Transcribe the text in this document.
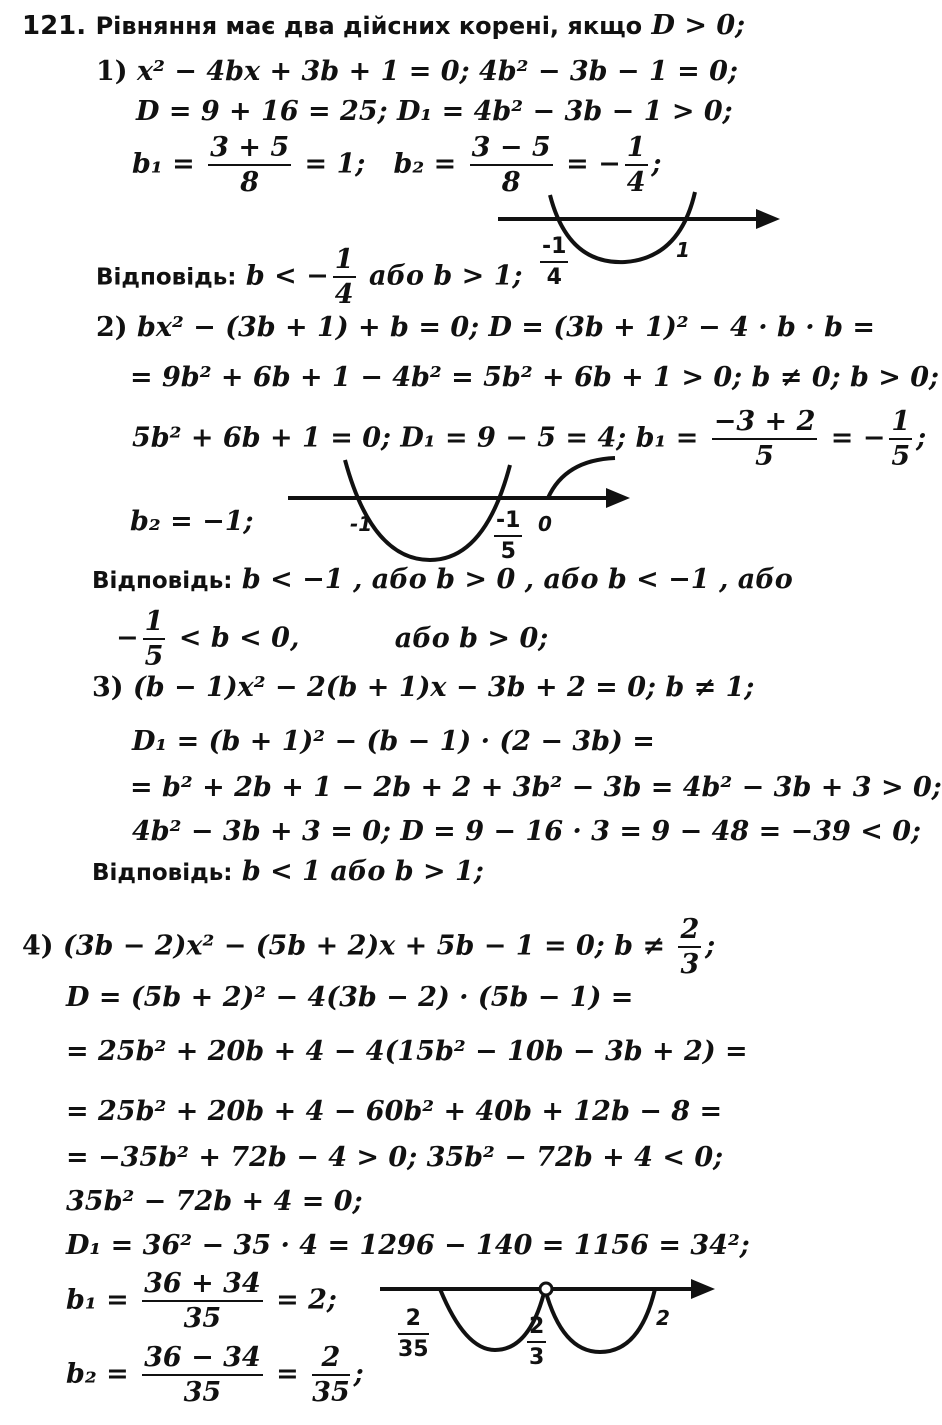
121. Рівняння має два дійсних корені, якщо D > 0;
1) x² − 4bx + 3b + 1 = 0; 4b² − 3b − 1 = 0;
D = 9 + 16 = 25; D₁ = 4b² − 3b − 1 > 0;
$b_1 = \frac{3 + 5}{8} = 1$; $b_2 = \frac{3 - 5}{8}$ = − $\frac{1}{4}$ ;
$\frac{-1}{4}$	1
Відповідь: b < − $\frac{1}{4}$ або b > 1;
2) bx² − (3b + 1) + b = 0; D = (3b + 1)² − 4 · b · b =
= 9b² + 6b + 1 − 4b² = 5b² + 6b + 1 > 0; b ≠ 0; b > 0;
5b² + 6b + 1 = 0; D₁ = 9 − 5 = 4; $b_1 = \frac{-3 + 2}{5}$ = − $\frac{1}{5}$ ;
b₂ = −1;	-1	$\frac{-1}{5} 0$
Відповідь: b < −1 , або b > 0 , або b < −1 , або
− $\frac{1}{5} < b < 0$,	або b > 0;
3) (b − 1)x² − 2(b + 1)x − 3b + 2 = 0; b ≠ 1;
D₁ = (b + 1)² − (b − 1) · (2 − 3b) =
= b² + 2b + 1 − 2b + 2 + 3b² − 3b = 4b² − 3b + 3 > 0;
4b² − 3b + 3 = 0; D = 9 − 16 · 3 = 9 − 48 = −39 < 0;
Відповідь: b < 1 або b > 1;
4) (3b − 2)x² − (5b + 2)x + 5b − 1 = 0; $b \ne \frac{2}{3}$ ;
D = (5b + 2)² − 4(3b − 2) · (5b − 1) =
= 25b² + 20b + 4 − 4(15b² − 10b − 3b + 2) =
= 25b² + 20b + 4 − 60b² + 40b + 12b − 8 =
= −35b² + 72b − 4 > 0; 35b² − 72b + 4 < 0;
35b² − 72b + 4 = 0;
D₁ = 36² − 35 · 4 = 1296 − 140 = 1156 = 34²;
$b_1 = \frac{36 + 34}{35} = 2$;
$b_2 = \frac{36 - 34}{35} = \frac{2}{35}$ ;
$\frac{2}{35}$	$\frac{2}{3}$	2
